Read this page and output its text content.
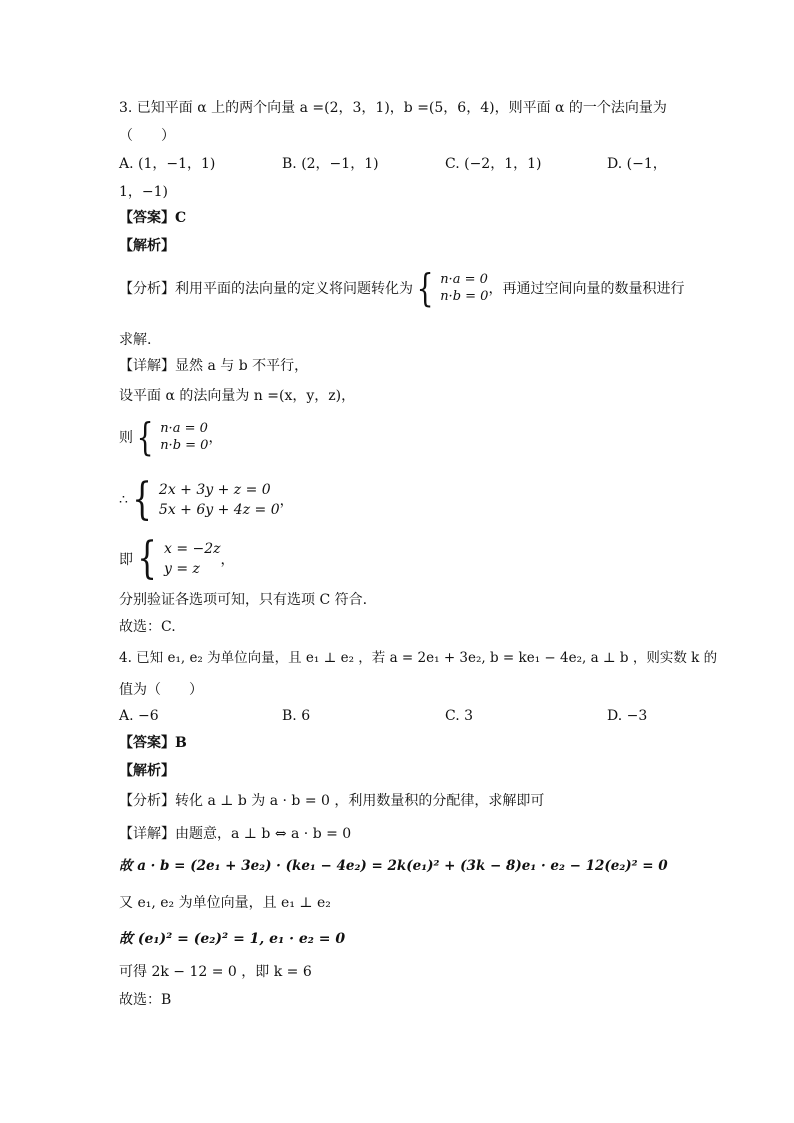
3. 已知平面 α 上的两个向量 a =(2，3，1)，b =(5，6，4)，则平面 α 的一个法向量为
（　　）
A. (1，−1，1)	B. (2，−1，1)	C. (−2，1，1)	D. (−1，
1，−1)
【答案】C
【解析】
【分析】利用平面的法向量的定义将问题转化为 { n·a = 0
n·b = 0 ，再通过空间向量的数量积进行
求解.
【详解】显然 a 与 b 不平行，
设平面 α 的法向量为 n =(x，y，z)，
则 { n·a = 0
n·b = 0 ，
∴ { 2x + 3y + z = 0
5x + 6y + 4z = 0
，
即 { x = −2z
y = z
，
分别验证各选项可知，只有选项 C 符合.
故选：C.
4. 已知 e₁, e₂ 为单位向量，且 e₁ ⊥ e₂ ，若 a = 2e₁ + 3e₂, b = ke₁ − 4e₂, a ⊥ b ，则实数 k 的
值为（　　）
A. −6	B. 6	C. 3	D. −3
【答案】B
【解析】
【分析】转化 a ⊥ b 为 a · b = 0 ，利用数量积的分配律，求解即可
【详解】由题意，a ⊥ b ⇔ a · b = 0
故 a · b = (2e₁ + 3e₂) · (ke₁ − 4e₂) = 2k(e₁)² + (3k − 8)e₁ · e₂ − 12(e₂)² = 0
又 e₁, e₂ 为单位向量，且 e₁ ⊥ e₂
故 (e₁)² = (e₂)² = 1, e₁ · e₂ = 0
可得 2k − 12 = 0 ，即 k = 6
故选：B
